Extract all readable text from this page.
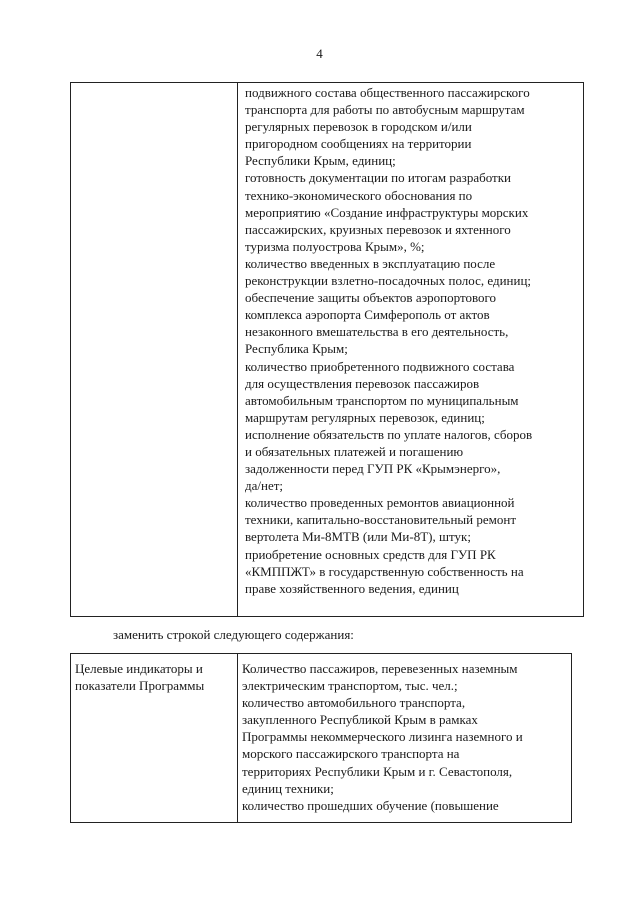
4
подвижного состава общественного пассажирского
транспорта для работы по автобусным маршрутам
регулярных перевозок в городском и/или
пригородном сообщениях на территории
Республики Крым, единиц;
готовность документации по итогам разработки
технико-экономического обоснования по
мероприятию «Создание инфраструктуры морских
пассажирских, круизных перевозок и яхтенного
туризма полуострова Крым», %;
количество введенных в эксплуатацию после
реконструкции взлетно-посадочных полос, единиц;
обеспечение защиты объектов аэропортового
комплекса аэропорта Симферополь от актов
незаконного вмешательства в его деятельность,
Республика Крым;
количество приобретенного подвижного состава
для осуществления перевозок пассажиров
автомобильным транспортом по муниципальным
маршрутам регулярных перевозок, единиц;
исполнение обязательств по уплате налогов, сборов
и обязательных платежей и погашению
задолженности перед ГУП РК «Крымэнерго»,
да/нет;
количество проведенных ремонтов авиационной
техники, капитально-восстановительный ремонт
вертолета Ми-8МТВ (или Ми-8Т), штук;
приобретение основных средств для ГУП РК
«КМППЖТ» в государственную собственность на
праве хозяйственного ведения, единиц
заменить строкой следующего содержания:
Целевые индикаторы и
показатели Программы
Количество пассажиров, перевезенных наземным
электрическим транспортом, тыс. чел.;
количество автомобильного транспорта,
закупленного Республикой Крым в рамках
Программы некоммерческого лизинга наземного и
морского пассажирского транспорта на
территориях Республики Крым и г. Севастополя,
единиц техники;
количество прошедших обучение (повышение
